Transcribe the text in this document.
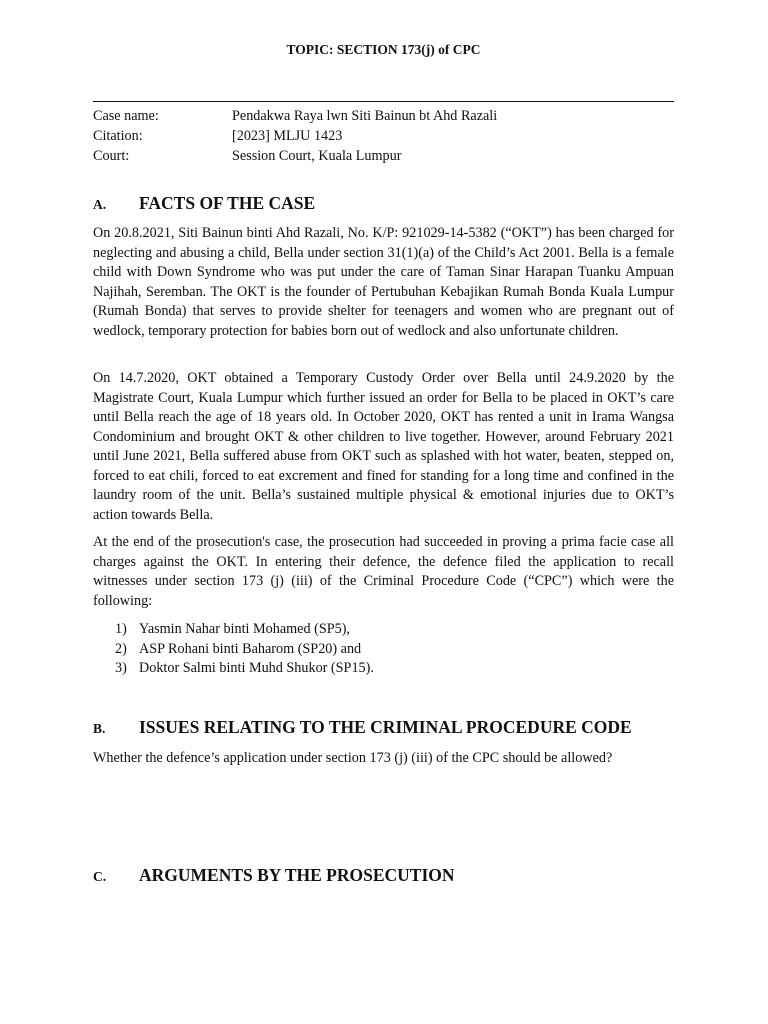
TOPIC: SECTION 173(j) of CPC
Case name:	Pendakwa Raya lwn Siti Bainun bt Ahd Razali
Citation:	[2023] MLJU 1423
Court:	Session Court, Kuala Lumpur
A.	FACTS OF THE CASE

On 20.8.2021, Siti Bainun binti Ahd Razali, No. K/P: 921029-14-5382 (“OKT”) has been charged for neglecting and abusing a child, Bella under section 31(1)(a) of the Child’s Act 2001. Bella is a female child with Down Syndrome who was put under the care of Taman Sinar Harapan Tuanku Ampuan Najihah, Seremban. The OKT is the founder of Pertubuhan Kebajikan Rumah Bonda Kuala Lumpur (Rumah Bonda) that serves to provide shelter for teenagers and women who are pregnant out of wedlock, temporary protection for babies born out of wedlock and also unfortunate children.

On 14.7.2020, OKT obtained a Temporary Custody Order over Bella until 24.9.2020 by the Magistrate Court, Kuala Lumpur which further issued an order for Bella to be placed in OKT’s care until Bella reach the age of 18 years old. In October 2020, OKT has rented a unit in Irama Wangsa Condominium and brought OKT & other children to live together. However, around February 2021 until June 2021, Bella suffered abuse from OKT such as splashed with hot water, beaten, stepped on, forced to eat chili, forced to eat excrement and fined for standing for a long time and confined in the laundry room of the unit. Bella’s sustained multiple physical & emotional injuries due to OKT’s action towards Bella.

At the end of the prosecution's case, the prosecution had succeeded in proving a prima facie case all charges against the OKT. In entering their defence, the defence filed the application to recall witnesses under section 173 (j) (iii) of the Criminal Procedure Code (“CPC”) which were the following:

1) Yasmin Nahar binti Mohamed (SP5),
2) ASP Rohani binti Baharom (SP20) and
3) Doktor Salmi binti Muhd Shukor (SP15).
B.	ISSUES RELATING TO THE CRIMINAL PROCEDURE CODE

Whether the defence’s application under section 173 (j) (iii) of the CPC should be allowed?

C.	ARGUMENTS BY THE PROSECUTION
